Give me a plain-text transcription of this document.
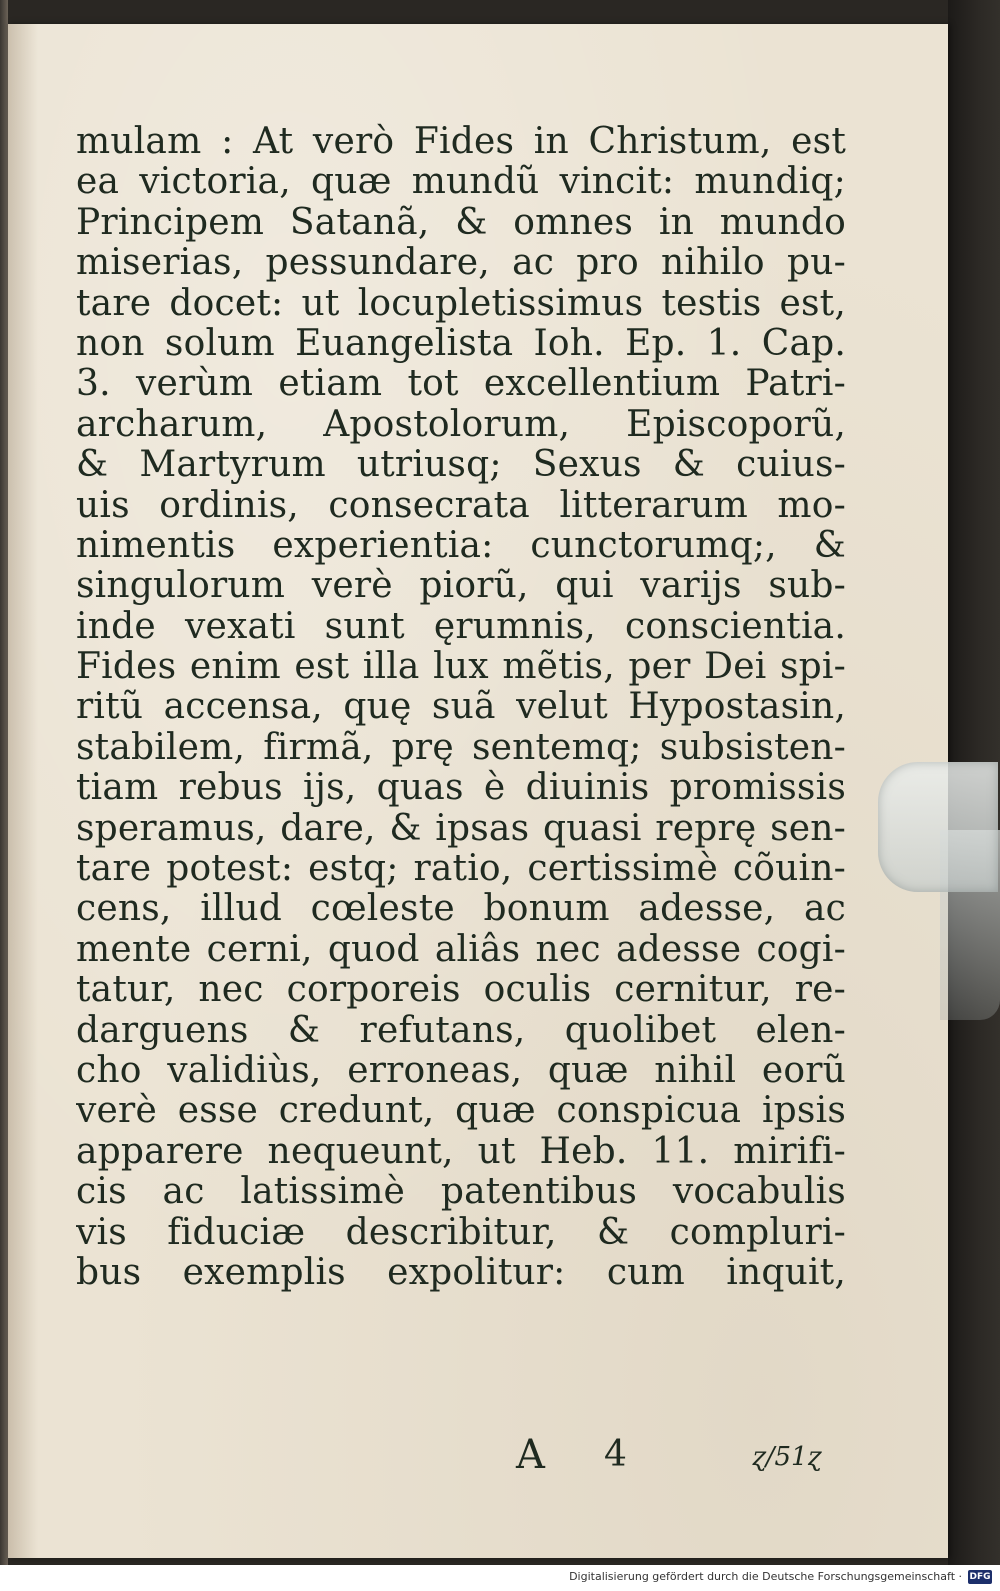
mulam : At verò Fides in Christum, est
ea victoria, quæ mundũ vincit: mundiq;
Principem Satanã, & omnes in mundo
miserias, pessundare, ac pro nihilo pu-
tare docet: ut locupletissimus testis est,
non solum Euangelista Ioh. Ep. 1. Cap.
3. verùm etiam tot excellentium Patri-
archarum, Apostolorum, Episcoporũ,
& Martyrum utriusq; Sexus & cuius-
uis ordinis, consecrata litterarum mo-
nimentis experientia: cunctorumq;, &
singulorum verè piorũ, qui varijs sub-
inde vexati sunt ęrumnis, conscientia.
Fides enim est illa lux mẽtis, per Dei spi-
ritũ accensa, quę suã velut Hypostasin,
stabilem, firmã, prę sentemq; subsisten-
tiam rebus ijs, quas è diuinis promissis
speramus, dare, & ipsas quasi reprę sen-
tare potest: estq; ratio, certissimè cõuin-
cens, illud cœleste bonum adesse, ac
mente cerni, quod aliâs nec adesse cogi-
tatur, nec corporeis oculis cernitur, re-
darguens & refutans, quolibet elen-
cho validiùs, erroneas, quæ nihil eorũ
verè esse credunt, quæ conspicua ipsis
apparere nequeunt, ut Heb. 11. mirifi-
cis ac latissimè patentibus vocabulis
vis fiduciæ describitur, & compluri-
bus exemplis expolitur: cum inquit,
A 4	ɀ/51ɀ
Digitalisierung gefördert durch die Deutsche Forschungsgemeinschaft · DFG
